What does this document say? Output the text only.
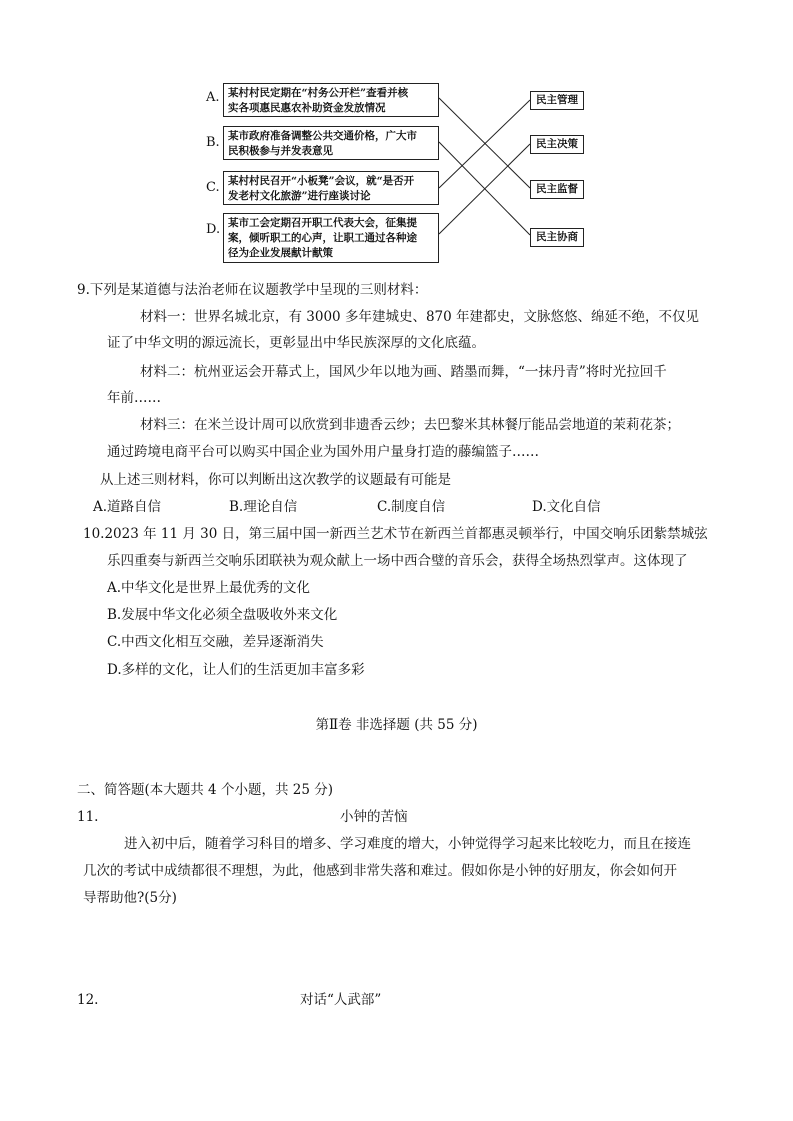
A. 某村村民定期在“村务公开栏”查看并核
实各项惠民惠农补助资金发放情况
B. 某市政府准备调整公共交通价格，广大市
民积极参与并发表意见
C. 某村村民召开“小板凳”会议，就“是否开
发老村文化旅游”进行座谈讨论
D. 某市工会定期召开职工代表大会，征集提
案，倾听职工的心声，让职工通过各种途
径为企业发展献计献策
民主管理
民主决策
民主监督
民主协商
9.下列是某道德与法治老师在议题教学中呈现的三则材料：
材料一：世界名城北京，有 3000 多年建城史、870 年建都史，文脉悠悠、绵延不绝，不仅见
证了中华文明的源远流长，更彰显出中华民族深厚的文化底蕴。
材料二：杭州亚运会开幕式上，国风少年以地为画、踏墨而舞，“一抹丹青”将时光拉回千
年前……
材料三：在米兰设计周可以欣赏到非遗香云纱；去巴黎米其林餐厅能品尝地道的茉莉花茶；
通过跨境电商平台可以购买中国企业为国外用户量身打造的藤编篮子……
从上述三则材料，你可以判断出这次教学的议题最有可能是
A.道路自信	B.理论自信	C.制度自信	D.文化自信
10.2023 年 11 月 30 日，第三届中国一新西兰艺术节在新西兰首都惠灵顿举行，中国交响乐团紫禁城弦
乐四重奏与新西兰交响乐团联袂为观众献上一场中西合璧的音乐会，获得全场热烈掌声。这体现了
A.中华文化是世界上最优秀的文化
B.发展中华文化必须全盘吸收外来文化
C.中西文化相互交融，差异逐渐消失
D.多样的文化，让人们的生活更加丰富多彩
第Ⅱ卷 非选择题 (共 55 分)
二、简答题(本大题共 4 个小题，共 25 分)
11.	小钟的苦恼
进入初中后，随着学习科目的增多、学习难度的增大，小钟觉得学习起来比较吃力，而且在接连
几次的考试中成绩都很不理想，为此，他感到非常失落和难过。假如你是小钟的好朋友，你会如何开
导帮助他?(5分)
12.	对话“人武部”
